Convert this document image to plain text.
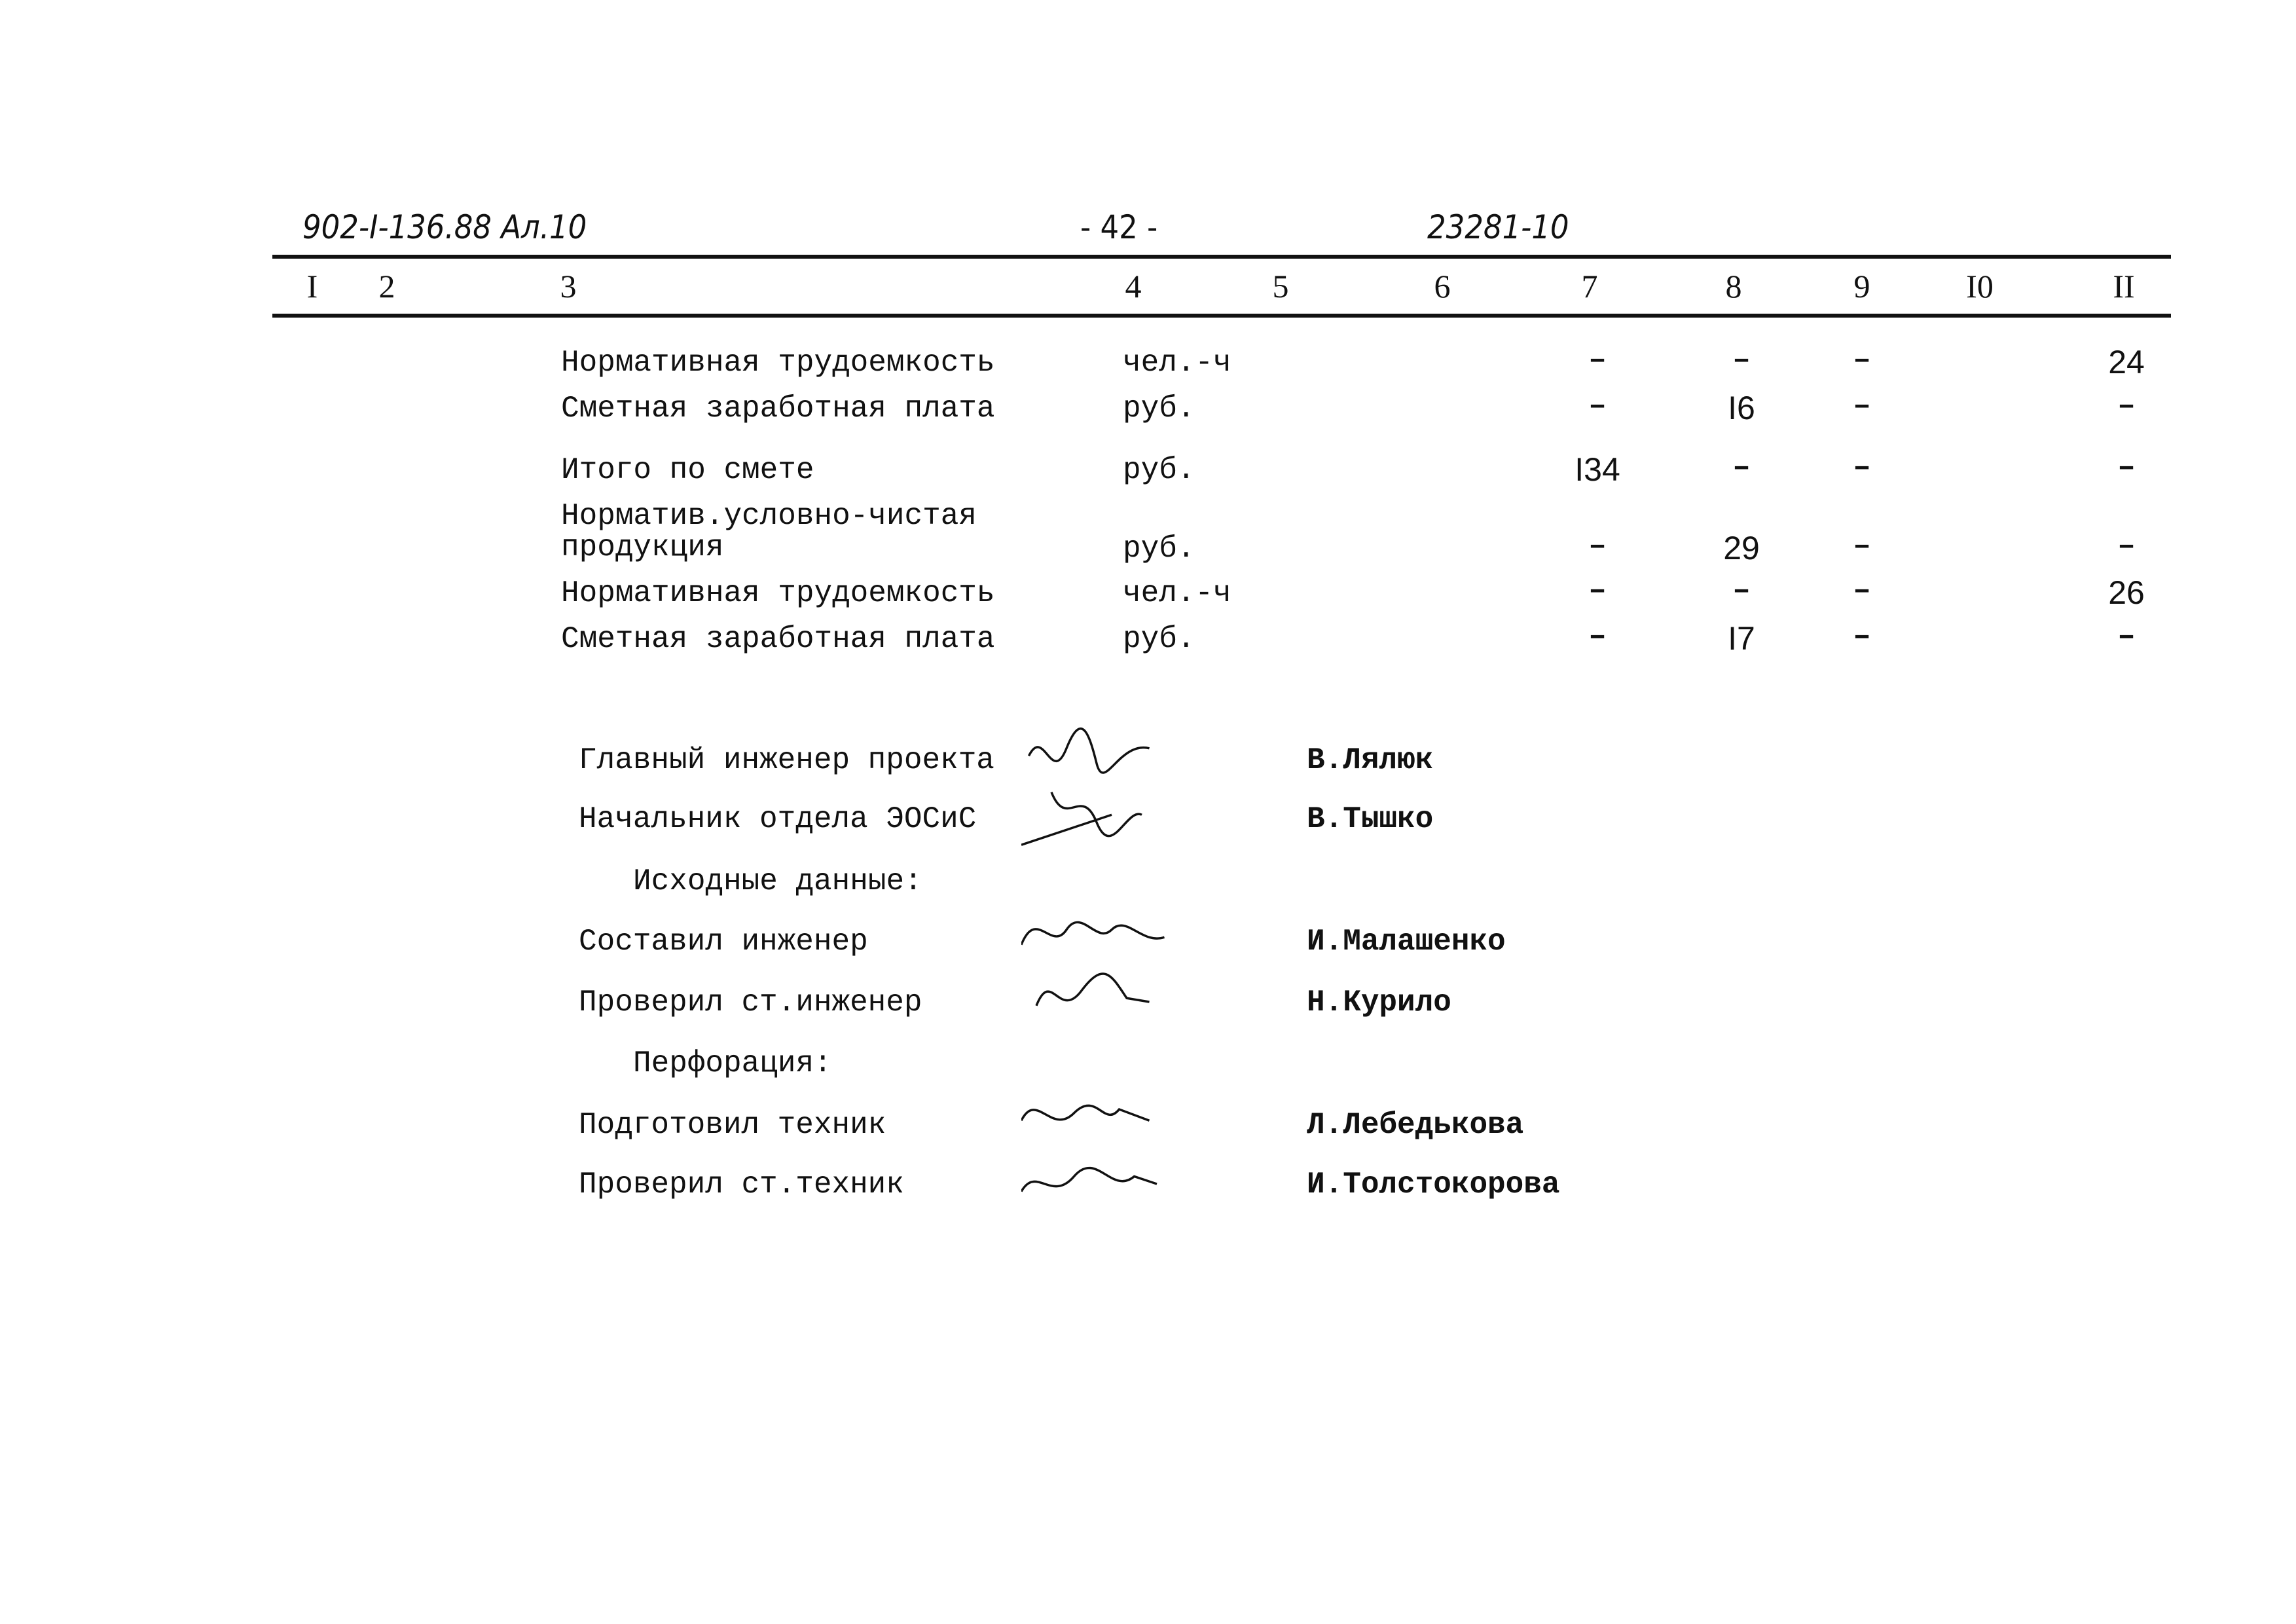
902-I-136.88 Ал.10	- 42 -	23281-10
I 2	3	4	5	6	7	8	9	I0	II
Нормативная трудоемкость	чел.-ч	–	–	–	24
Сметная заработная плата	руб.	–	I6	–	–
Итого по смете	руб.	I34	–	–	–
Норматив.условно-чистая
продукция	руб.	–	29	–	–
Нормативная трудоемкость	чел.-ч	–	–	–	26
Сметная заработная плата	руб.	–	I7	–	–
Главный инженер проекта	В.Лялюк
Начальник отдела ЭОСиС	В.Тышко
Исходные данные:
Составил инженер	И.Малашенко
Проверил ст.инженер	Н.Курило
Перфорация:
Подготовил техник	Л.Лебедькова
Проверил ст.техник	И.Толстокорова
